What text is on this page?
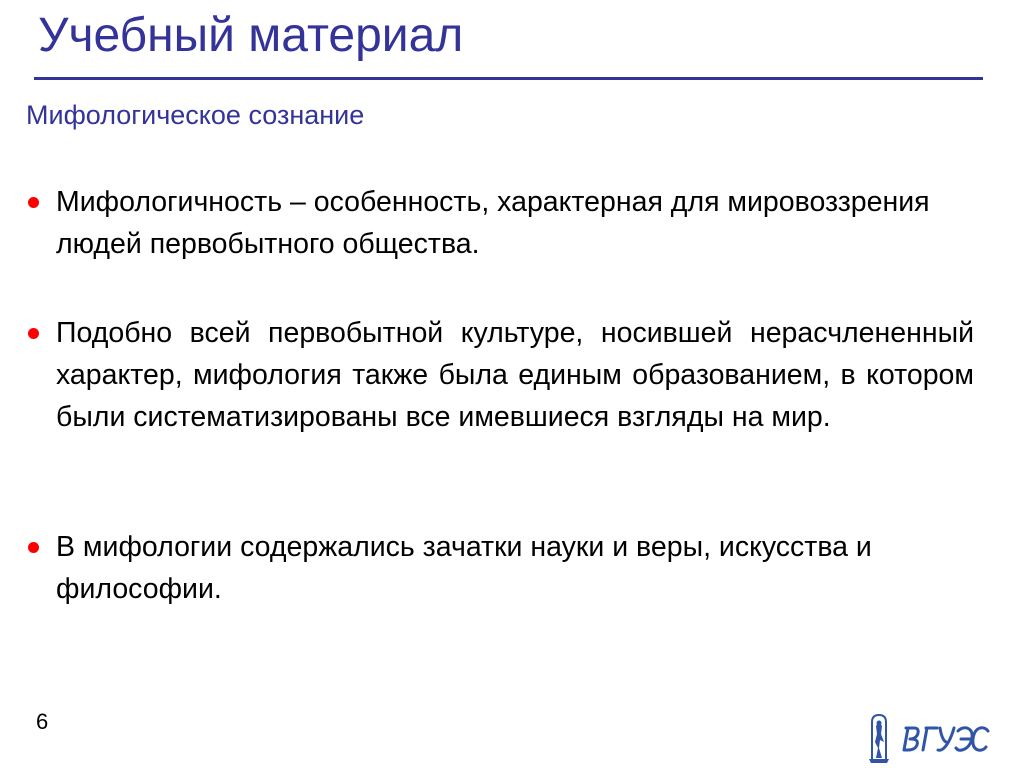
Учебный материал
Мифологическое сознание
Мифологичность – особенность, характерная для мировоззрения людей первобытного общества.
Подобно всей первобытной культуре, носившей нерасчлененный характер, мифология также была единым образованием, в котором были систематизированы все имевшиеся взгляды на мир.
В мифологии содержались зачатки науки и веры, искусства и философии.
6
